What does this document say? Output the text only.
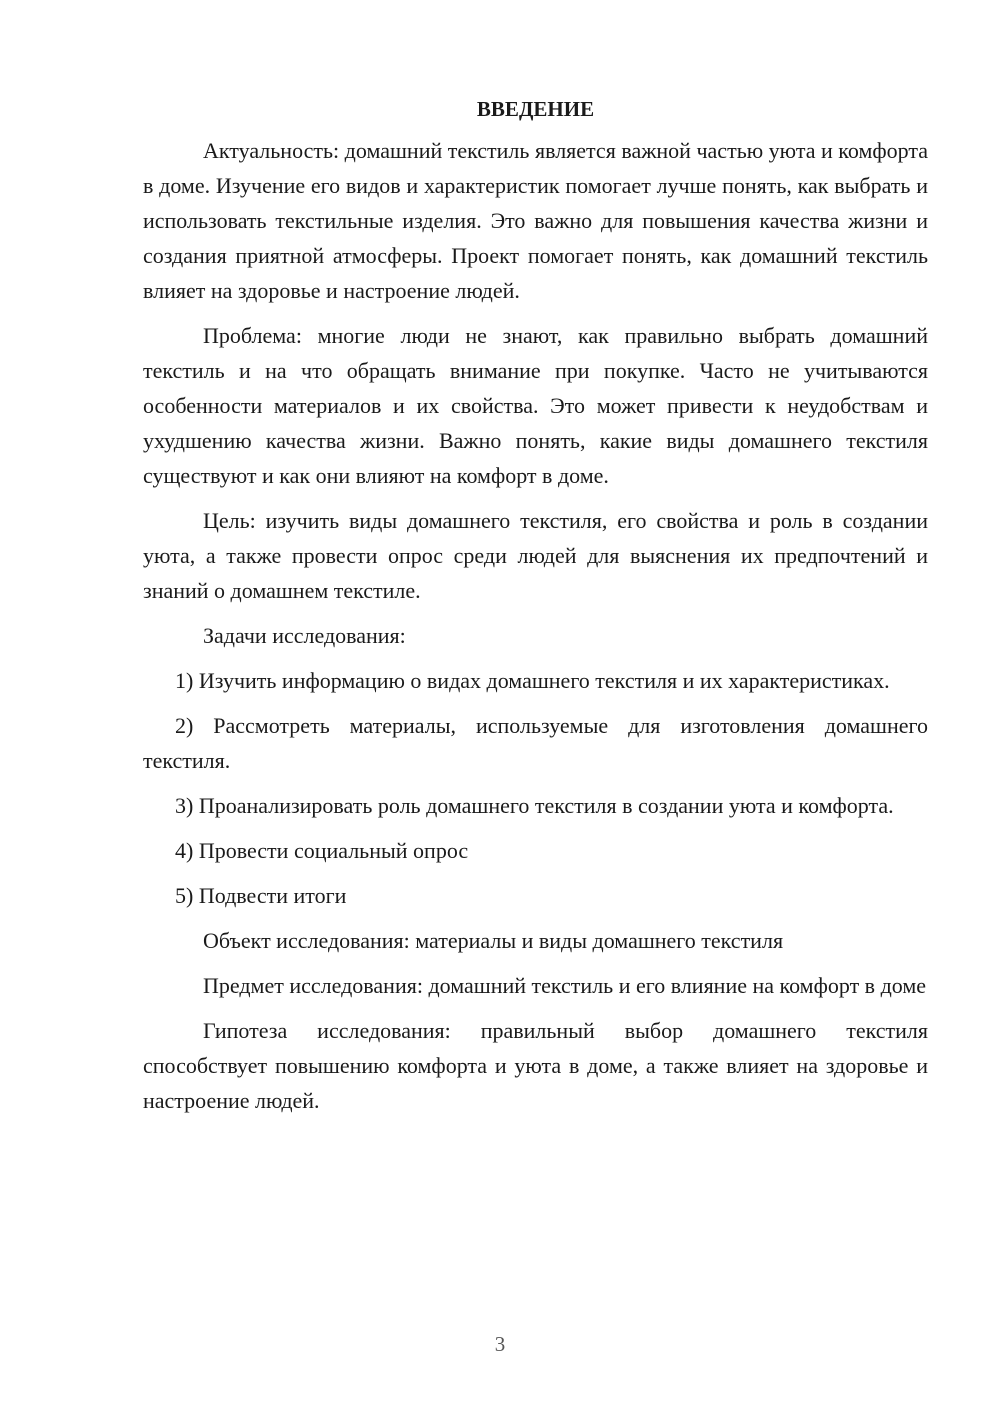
ВВЕДЕНИЕ

Актуальность: домашний текстиль является важной частью уюта и комфорта в доме. Изучение его видов и характеристик помогает лучше понять, как выбрать и использовать текстильные изделия. Это важно для повышения качества жизни и создания приятной атмосферы. Проект помогает понять, как домашний текстиль влияет на здоровье и настроение людей.

Проблема: многие люди не знают, как правильно выбрать домашний текстиль и на что обращать внимание при покупке. Часто не учитываются особенности материалов и их свойства. Это может привести к неудобствам и ухудшению качества жизни. Важно понять, какие виды домашнего текстиля существуют и как они влияют на комфорт в доме.

Цель: изучить виды домашнего текстиля, его свойства и роль в создании уюта, а также провести опрос среди людей для выяснения их предпочтений и знаний о домашнем текстиле.

Задачи исследования:

1) Изучить информацию о видах домашнего текстиля и их характеристиках.

2) Рассмотреть материалы, используемые для изготовления домашнего текстиля.

3) Проанализировать роль домашнего текстиля в создании уюта и комфорта.

4) Провести социальный опрос

5) Подвести итоги

Объект исследования: материалы и виды домашнего текстиля

Предмет исследования: домашний текстиль и его влияние на комфорт в доме

Гипотеза исследования: правильный выбор домашнего текстиля способствует повышению комфорта и уюта в доме, а также влияет на здоровье и настроение людей.

3
